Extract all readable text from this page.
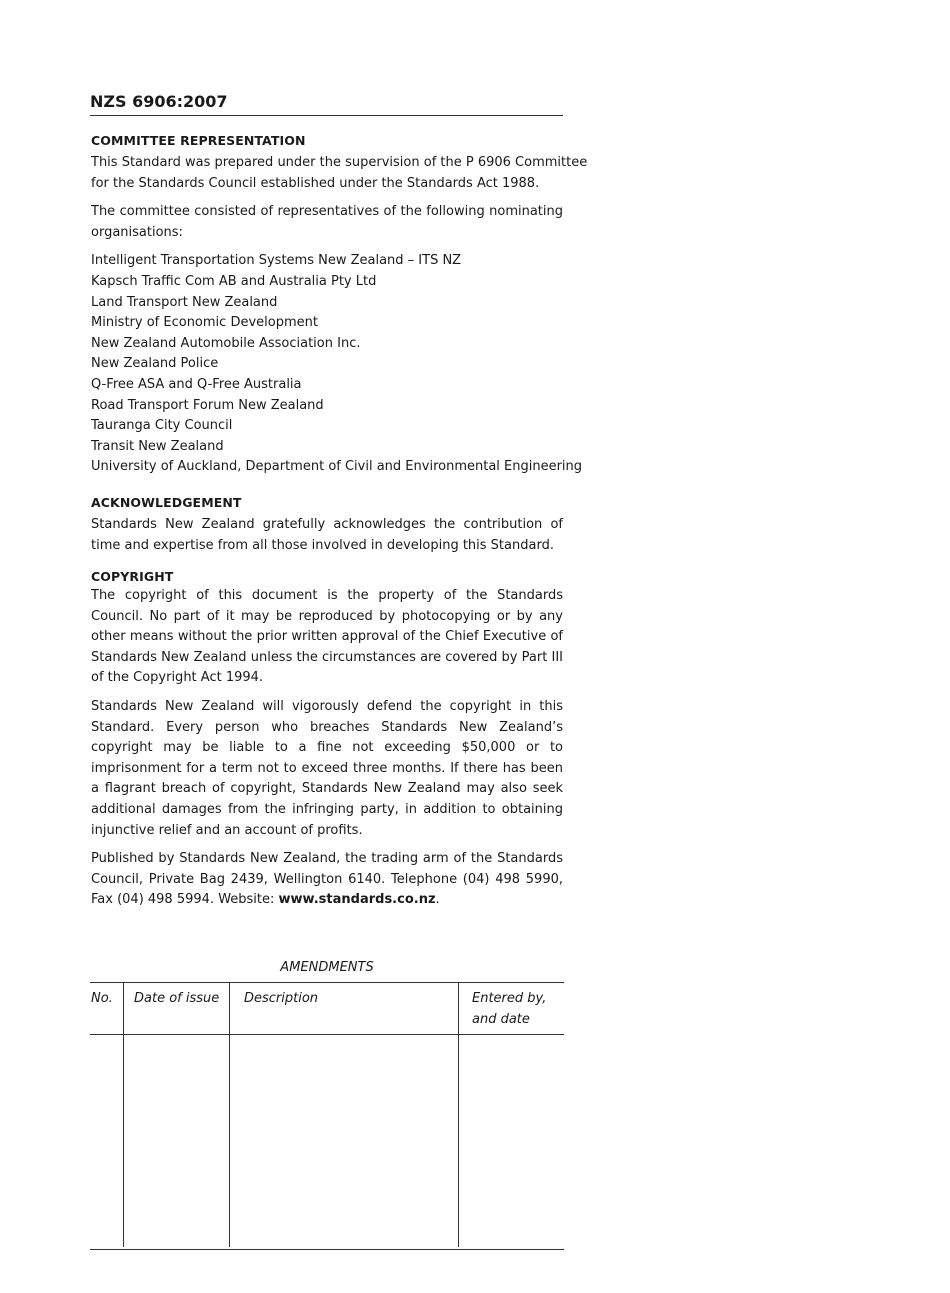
NZS 6906:2007
COMMITTEE REPRESENTATION
This Standard was prepared under the supervision of the P 6906 Committee
for the Standards Council established under the Standards Act 1988.

The committee consisted of representatives of the following nominating organisations:

Intelligent Transportation Systems New Zealand – ITS NZ
Kapsch Traffic Com AB and Australia Pty Ltd
Land Transport New Zealand
Ministry of Economic Development
New Zealand Automobile Association Inc.
New Zealand Police
Q-Free ASA and Q-Free Australia
Road Transport Forum New Zealand
Tauranga City Council
Transit New Zealand
University of Auckland, Department of Civil and Environmental Engineering
ACKNOWLEDGEMENT

Standards New Zealand gratefully acknowledges the contribution of time and expertise from all those involved in developing this Standard.

COPYRIGHT

The copyright of this document is the property of the Standards Council. No part of it may be reproduced by photocopying or by any other means without the prior written approval of the Chief Executive of Standards New Zealand unless the circumstances are covered by Part III of the Copyright Act 1994.

Standards New Zealand will vigorously defend the copyright in this Standard. Every person who breaches Standards New Zealand’s copyright may be liable to a fine not exceeding $50,000 or to imprisonment for a term not to exceed three months. If there has been a flagrant breach of copyright, Standards New Zealand may also seek additional damages from the infringing party, in addition to obtaining injunctive relief and an account of profits.

Published by Standards New Zealand, the trading arm of the Standards Council, Private Bag 2439, Wellington 6140. Telephone (04) 498 5990, Fax (04) 498 5994. Website: www.standards.co.nz.

AMENDMENTS
No. Date of issue Description	Entered by,
and date
